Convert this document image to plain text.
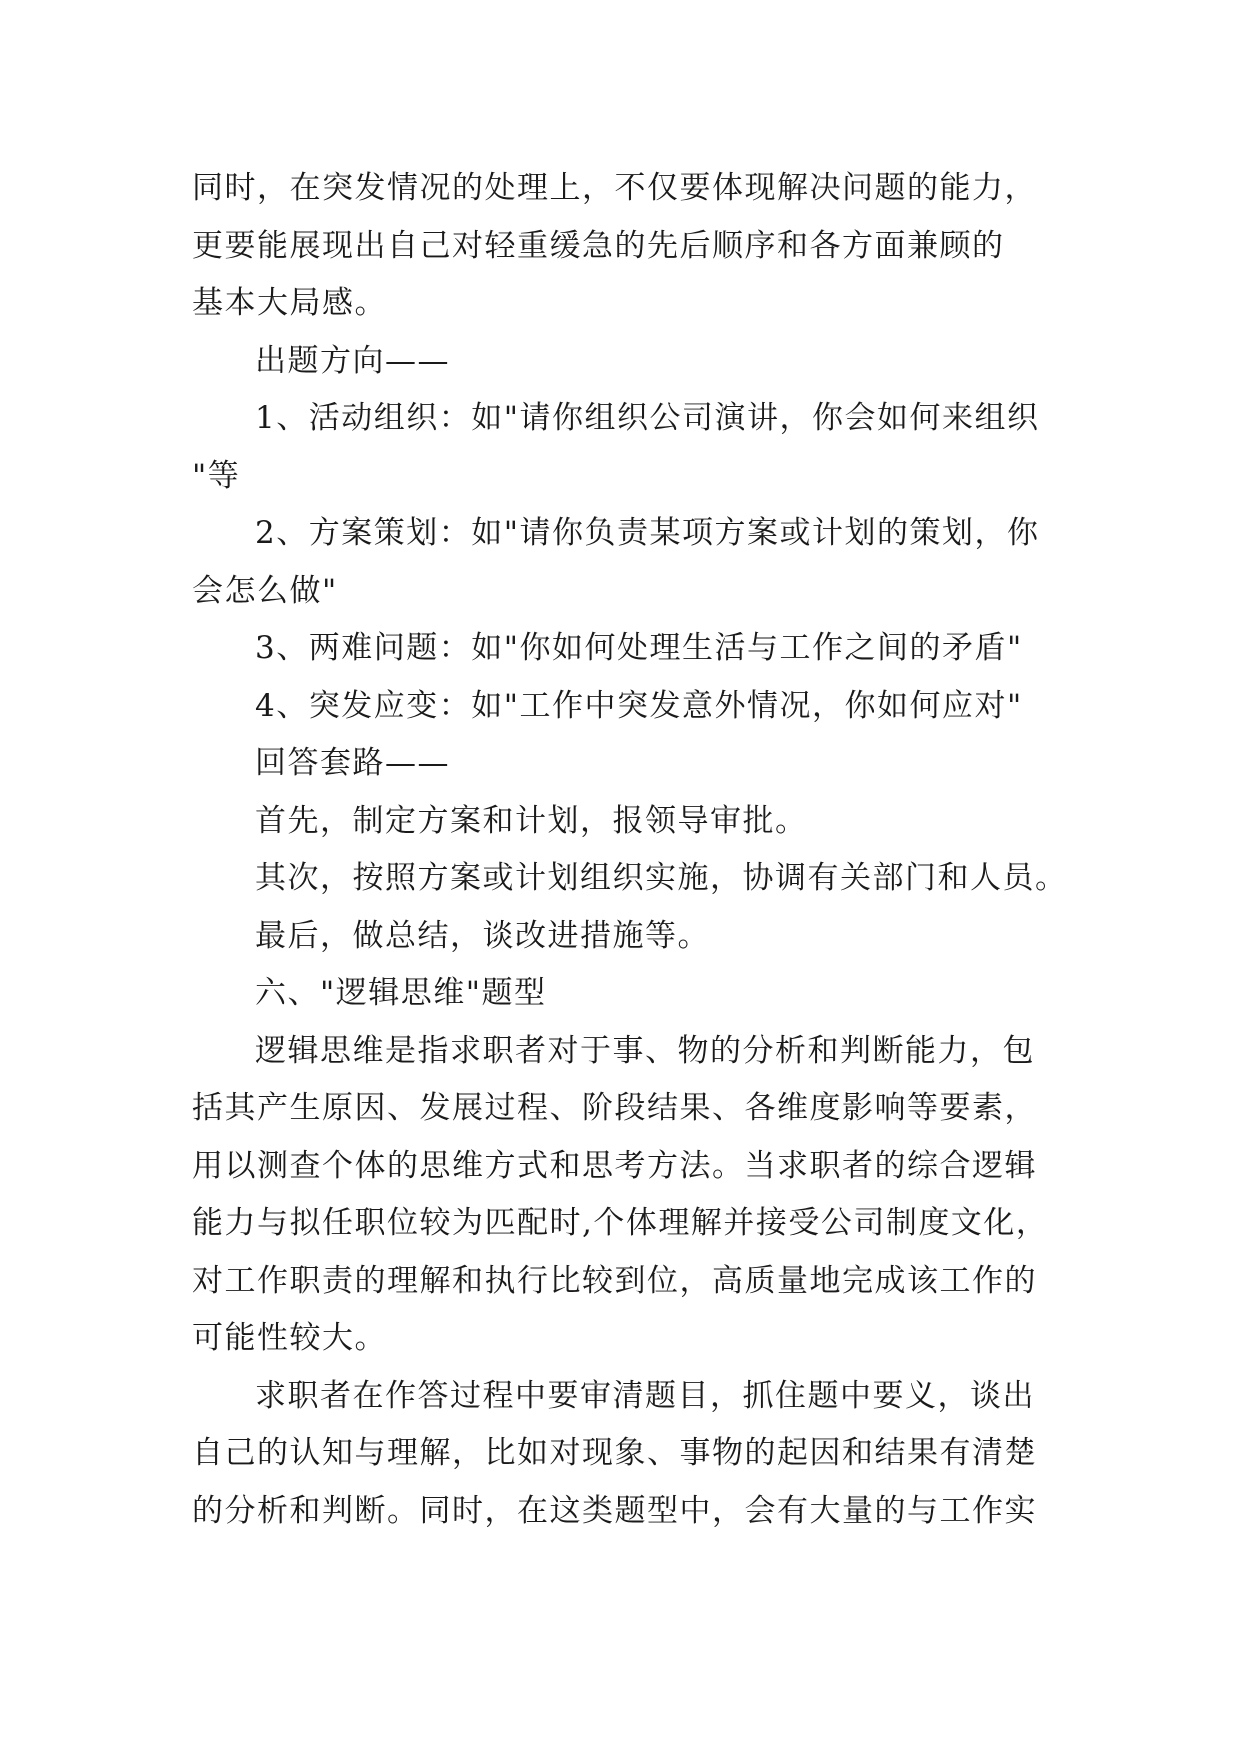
同时，在突发情况的处理上，不仅要体现解决问题的能力，
更要能展现出自己对轻重缓急的先后顺序和各方面兼顾的
基本大局感。
出题方向——
1、活动组织：如"请你组织公司演讲，你会如何来组织
"等
2、方案策划：如"请你负责某项方案或计划的策划，你
会怎么做"
3、两难问题：如"你如何处理生活与工作之间的矛盾"
4、突发应变：如"工作中突发意外情况，你如何应对"
回答套路——
首先，制定方案和计划，报领导审批。
其次，按照方案或计划组织实施，协调有关部门和人员。
最后，做总结，谈改进措施等。
六、"逻辑思维"题型
逻辑思维是指求职者对于事、物的分析和判断能力，包
括其产生原因、发展过程、阶段结果、各维度影响等要素，
用以测查个体的思维方式和思考方法。当求职者的综合逻辑
能力与拟任职位较为匹配时,个体理解并接受公司制度文化，
对工作职责的理解和执行比较到位，高质量地完成该工作的
可能性较大。
求职者在作答过程中要审清题目，抓住题中要义，谈出
自己的认知与理解，比如对现象、事物的起因和结果有清楚
的分析和判断。同时，在这类题型中，会有大量的与工作实
